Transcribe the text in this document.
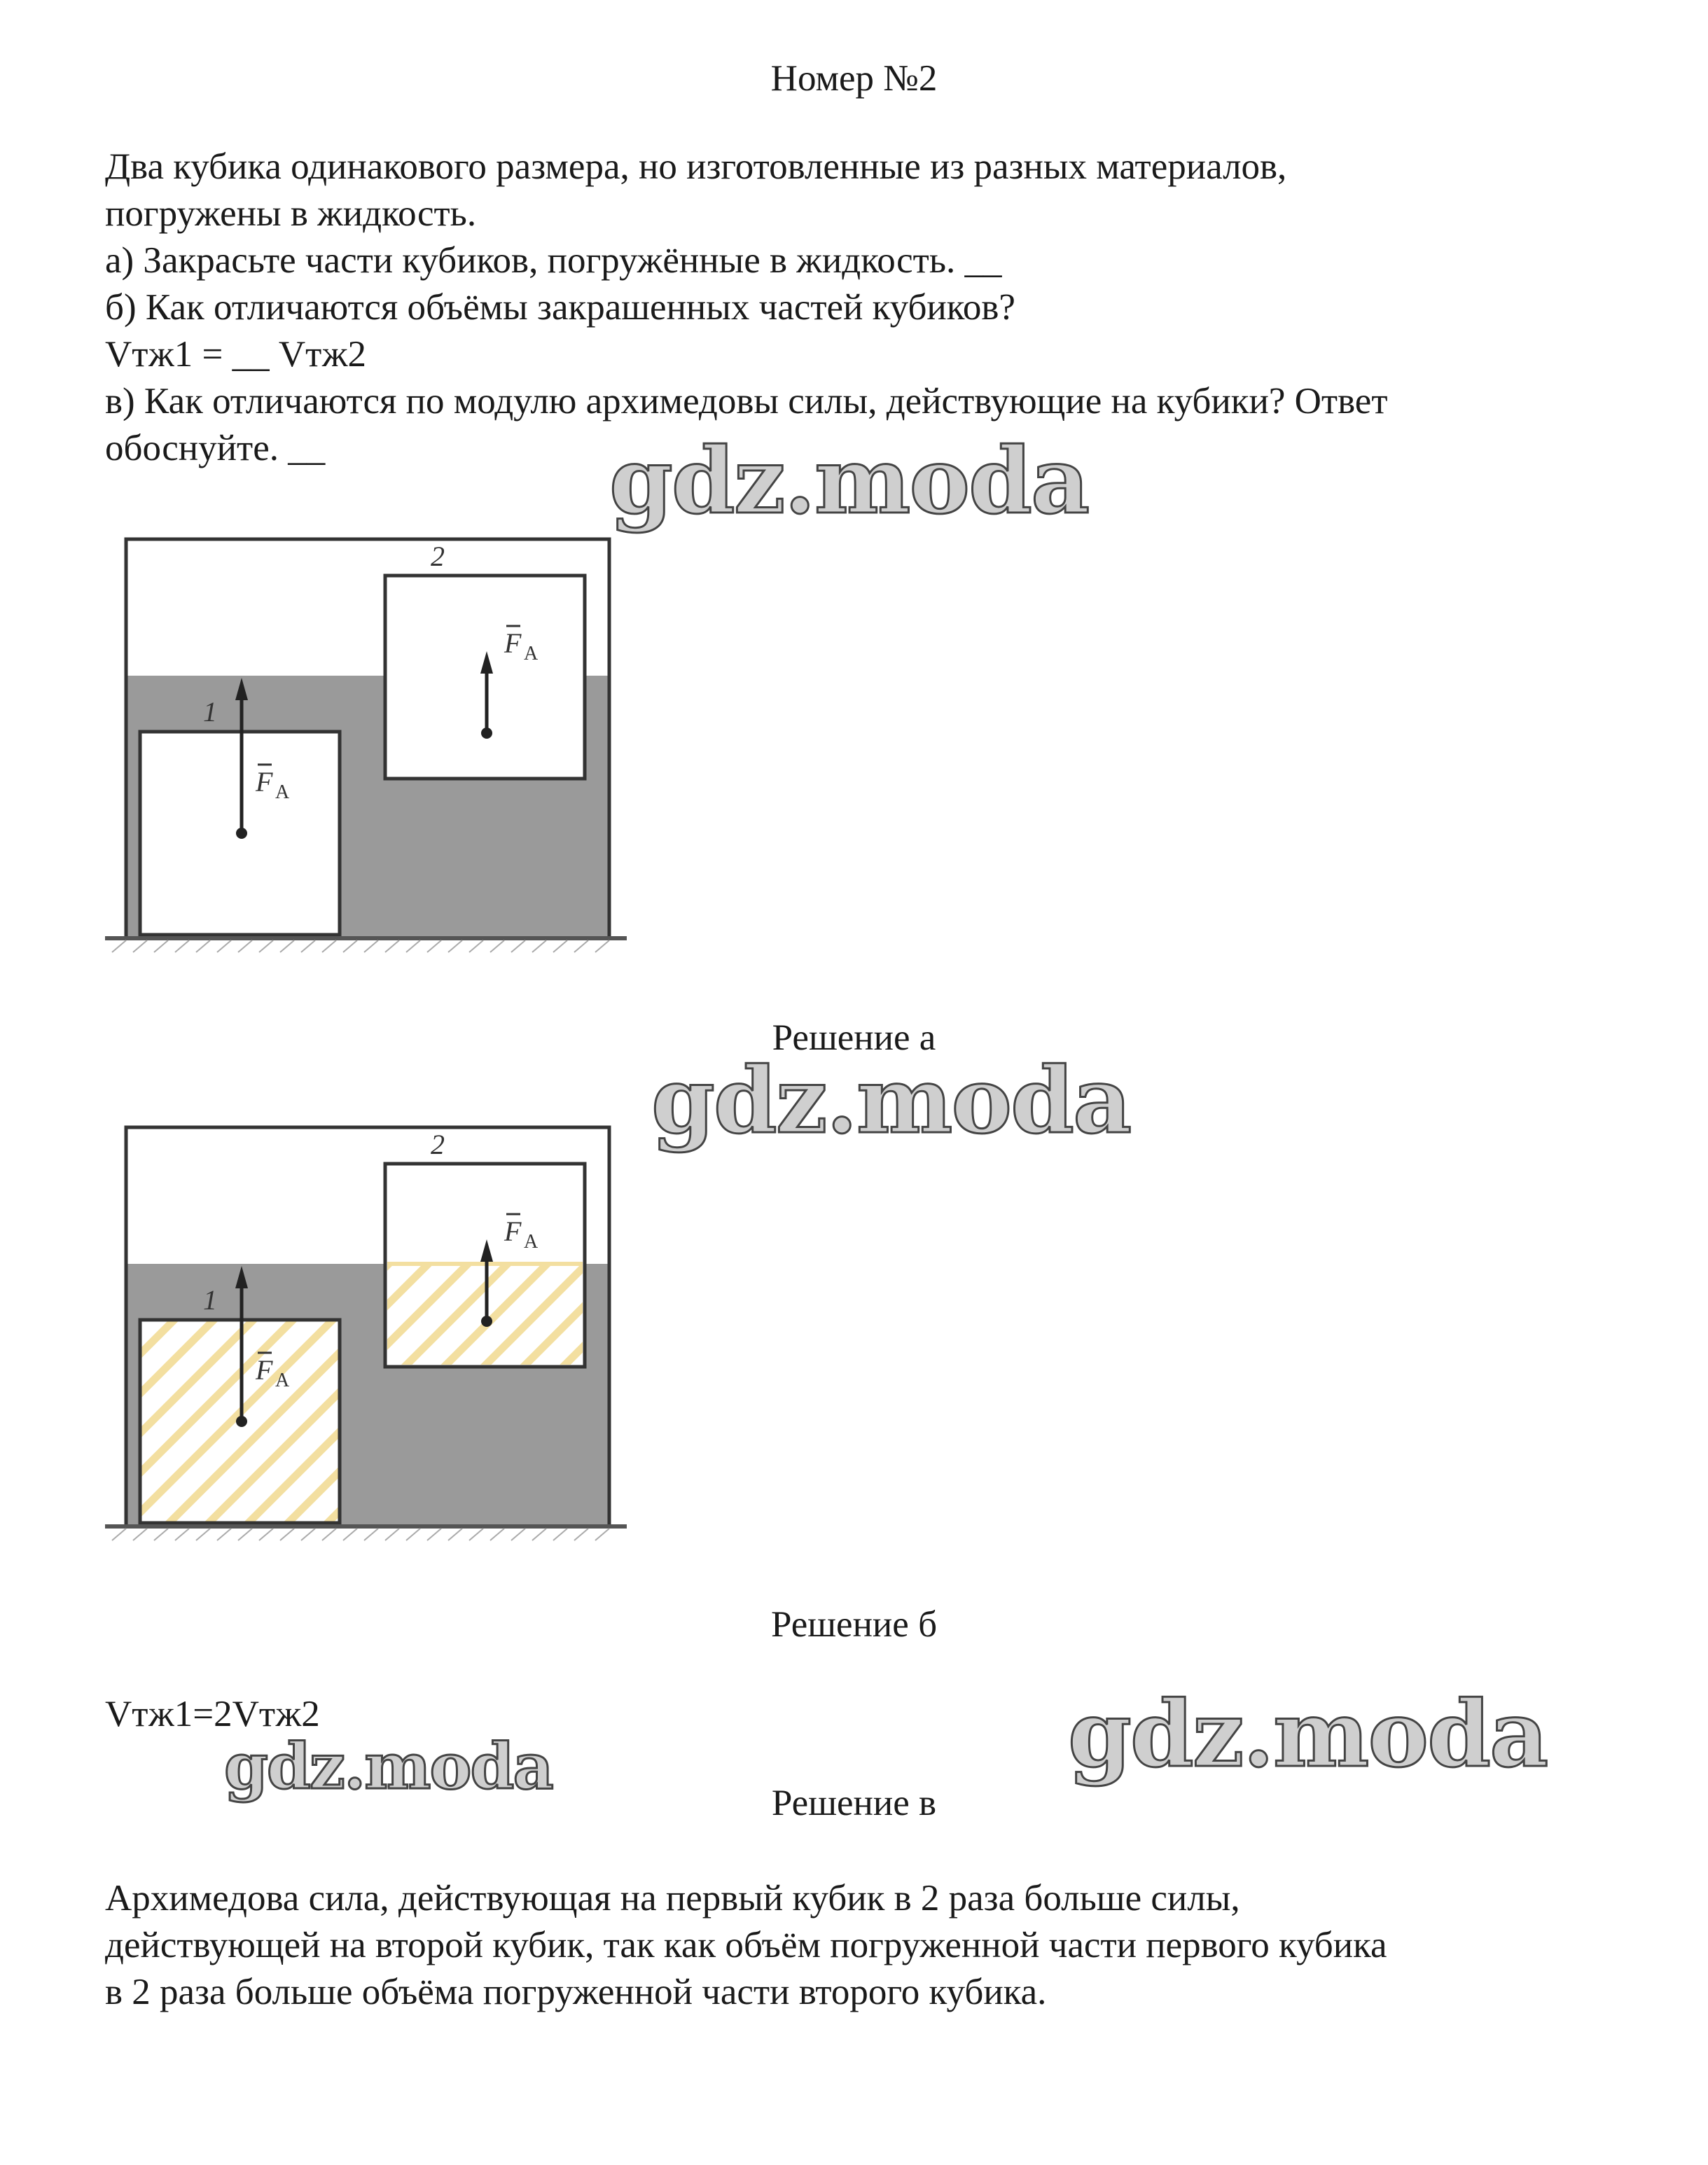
Номер №2
Два кубика одинакового размера, но изготовленные из разных материалов,
погружены в жидкость.
а) Закрасьте части кубиков, погружённые в жидкость. __
б) Как отличаются объёмы закрашенных частей кубиков?
Vтж1 = __ Vтж2
в) Как отличаются по модулю архимедовы силы, действующие на кубики? Ответ
обоснуйте. __	gdz.moda
1
2
F A
F A
Решение а
gdz.moda
1
2
F A
F A
Решение б
Vтж1=2Vтж2
gdz.moda	gdz.moda
Решение в
Архимедова сила, действующая на первый кубик в 2 раза больше силы,
действующей на второй кубик, так как объём погруженной части первого кубика
в 2 раза больше объёма погруженной части второго кубика.
